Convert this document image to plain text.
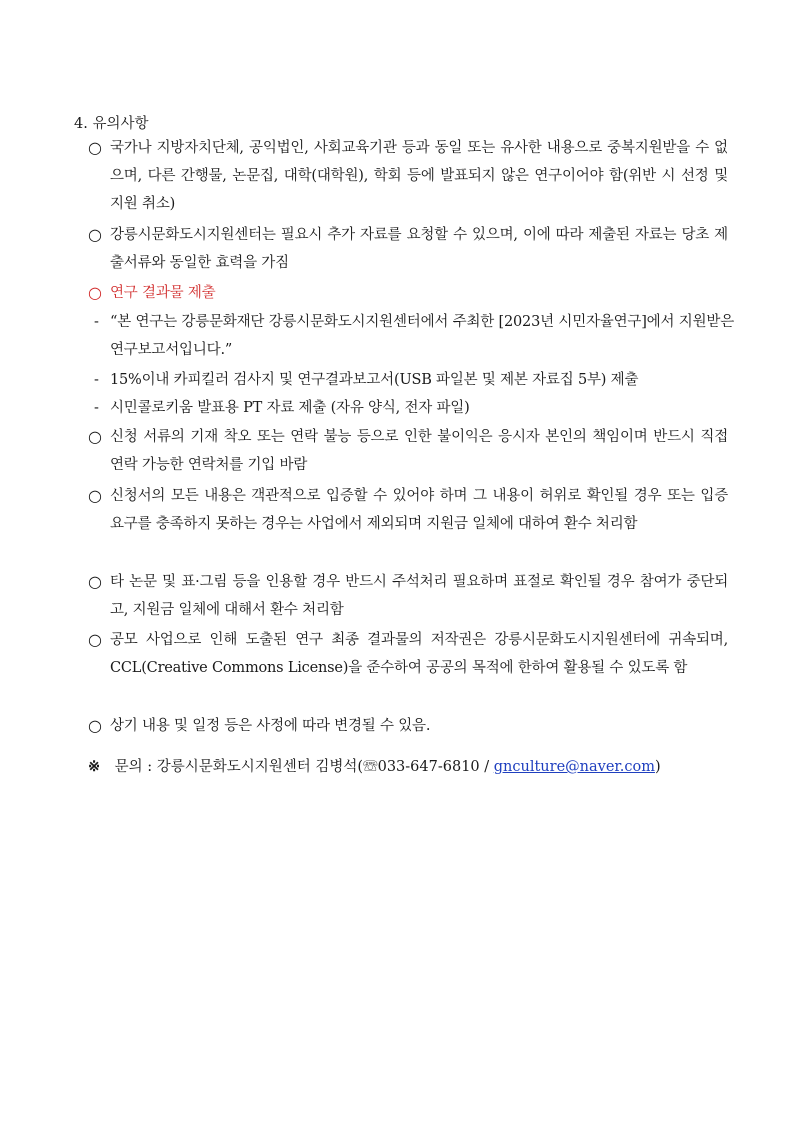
4. 유의사항
○ 국가나 지방자치단체, 공익법인, 사회교육기관 등과 동일 또는 유사한 내용으로 중복지원받을 수 없으며, 다른 간행물, 논문집, 대학(대학원), 학회 등에 발표되지 않은 연구이어야 함(위반 시 선정 및 지원 취소)
○ 강릉시문화도시지원센터는 필요시 추가 자료를 요청할 수 있으며, 이에 따라 제출된 자료는 당초 제출서류와 동일한 효력을 가짐
○ 연구 결과물 제출
- “본 연구는 강릉문화재단 강릉시문화도시지원센터에서 주최한 [2023년 시민자율연구]에서 지원받은 연구보고서입니다.”
- 15%이내 카피킬러 검사지 및 연구결과보고서(USB 파일본 및 제본 자료집 5부) 제출
- 시민콜로키움 발표용 PT 자료 제출 (자유 양식, 전자 파일)
○ 신청 서류의 기재 착오 또는 연락 불능 등으로 인한 불이익은 응시자 본인의 책임이며 반드시 직접 연락 가능한 연락처를 기입 바람
○ 신청서의 모든 내용은 객관적으로 입증할 수 있어야 하며 그 내용이 허위로 확인될 경우 또는 입증 요구를 충족하지 못하는 경우는 사업에서 제외되며 지원금 일체에 대하여 환수 처리함
○ 타 논문 및 표·그림 등을 인용할 경우 반드시 주석처리 필요하며 표절로 확인될 경우 참여가 중단되고, 지원금 일체에 대해서 환수 처리함
○ 공모 사업으로 인해 도출된 연구 최종 결과물의 저작권은 강릉시문화도시지원센터에 귀속되며, CCL(Creative Commons License)을 준수하여 공공의 목적에 한하여 활용될 수 있도록 함
○ 상기 내용 및 일정 등은 사정에 따라 변경될 수 있음.
※ 문의 : 강릉시문화도시지원센터 김병석(☏033-647-6810 / gnculture@naver.com)
